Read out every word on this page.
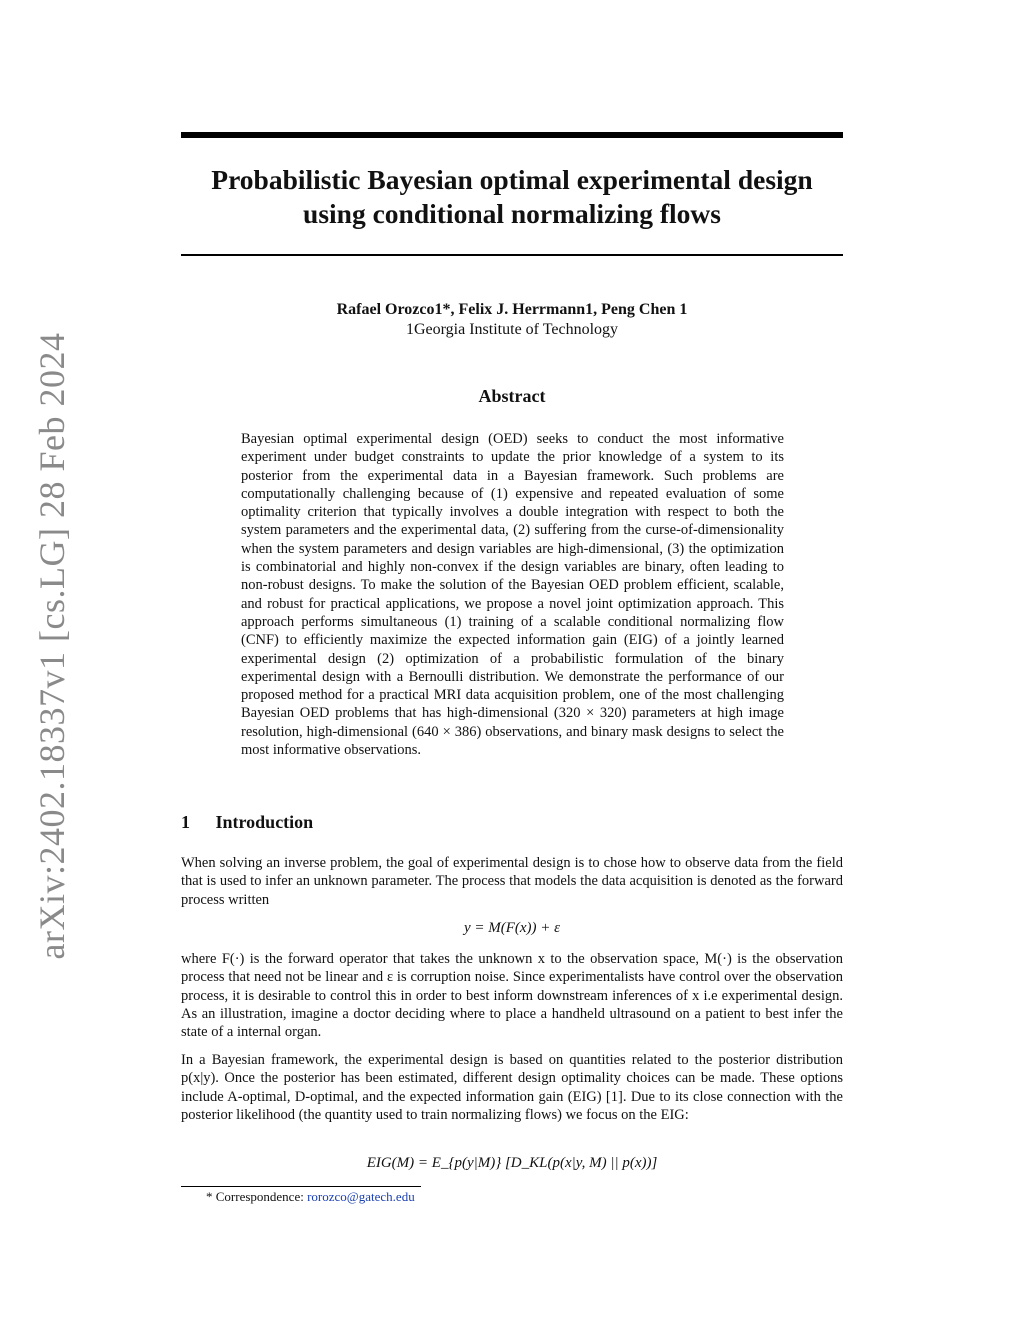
arXiv:2402.18337v1 [cs.LG] 28 Feb 2024
Probabilistic Bayesian optimal experimental design using conditional normalizing flows
Rafael Orozco1*, Felix J. Herrmann1, Peng Chen 1
1Georgia Institute of Technology
Abstract
Bayesian optimal experimental design (OED) seeks to conduct the most informative experiment under budget constraints to update the prior knowledge of a system to its posterior from the experimental data in a Bayesian framework. Such problems are computationally challenging because of (1) expensive and repeated evaluation of some optimality criterion that typically involves a double integration with respect to both the system parameters and the experimental data, (2) suffering from the curse-of-dimensionality when the system parameters and design variables are high-dimensional, (3) the optimization is combinatorial and highly non-convex if the design variables are binary, often leading to non-robust designs. To make the solution of the Bayesian OED problem efficient, scalable, and robust for practical applications, we propose a novel joint optimization approach. This approach performs simultaneous (1) training of a scalable conditional normalizing flow (CNF) to efficiently maximize the expected information gain (EIG) of a jointly learned experimental design (2) optimization of a probabilistic formulation of the binary experimental design with a Bernoulli distribution. We demonstrate the performance of our proposed method for a practical MRI data acquisition problem, one of the most challenging Bayesian OED problems that has high-dimensional (320 × 320) parameters at high image resolution, high-dimensional (640 × 386) observations, and binary mask designs to select the most informative observations.
1 Introduction
When solving an inverse problem, the goal of experimental design is to chose how to observe data from the field that is used to infer an unknown parameter. The process that models the data acquisition is denoted as the forward process written
y = M(F(x)) + ε
where F(·) is the forward operator that takes the unknown x to the observation space, M(·) is the observation process that need not be linear and ε is corruption noise. Since experimentalists have control over the observation process, it is desirable to control this in order to best inform downstream inferences of x i.e experimental design. As an illustration, imagine a doctor deciding where to place a handheld ultrasound on a patient to best infer the state of a internal organ.
In a Bayesian framework, the experimental design is based on quantities related to the posterior distribution p(x|y). Once the posterior has been estimated, different design optimality choices can be made. These options include A-optimal, D-optimal, and the expected information gain (EIG) [1]. Due to its close connection with the posterior likelihood (the quantity used to train normalizing flows) we focus on the EIG:
EIG(M) = E_{p(y|M)} [D_KL(p(x|y, M) || p(x))]
* Correspondence: rorozco@gatech.edu
